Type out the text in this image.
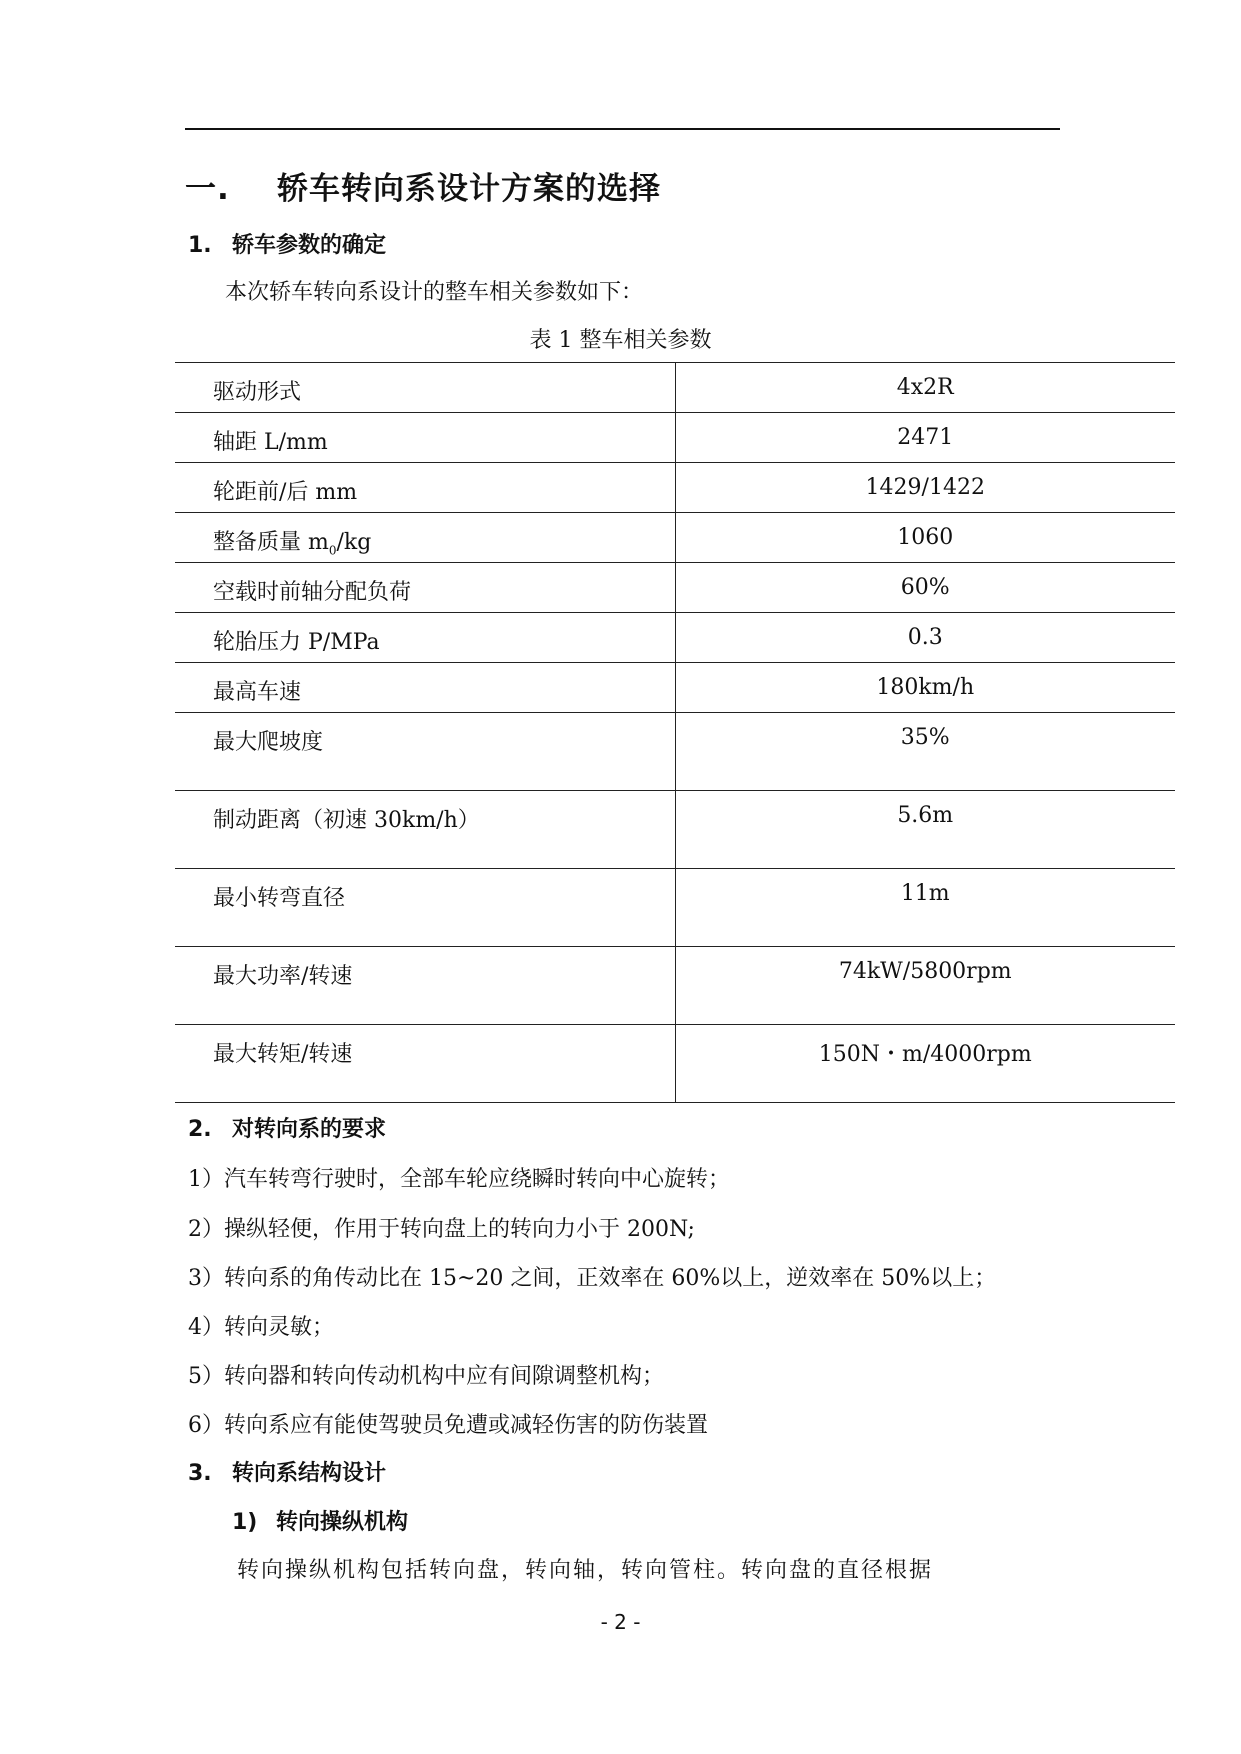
一. 轿车转向系设计方案的选择
1. 轿车参数的确定
本次轿车转向系设计的整车相关参数如下：
表 1 整车相关参数
驱动形式	4x2R
轴距 L/mm	2471
轮距前/后 mm	1429/1422
整备质量 $m_0/kg$	1060
空载时前轴分配负荷	60%
轮胎压力 P/MPa	0.3
最高车速	180km/h
最大爬坡度	35%
制动距离（初速 30km/h）	5.6m
最小转弯直径	11m
最大功率/转速	74kW/5800rpm
最大转矩/转速	150N・m/4000rpm
2. 对转向系的要求
1）汽车转弯行驶时，全部车轮应绕瞬时转向中心旋转；
2）操纵轻便，作用于转向盘上的转向力小于 200N;
3）转向系的角传动比在 15~20 之间，正效率在 60%以上，逆效率在 50%以上；
4）转向灵敏；
5）转向器和转向传动机构中应有间隙调整机构；
6）转向系应有能使驾驶员免遭或减轻伤害的防伤装置
3. 转向系结构设计
1) 转向操纵机构
转向操纵机构包括转向盘，转向轴，转向管柱。转向盘的直径根据
- 2 -
